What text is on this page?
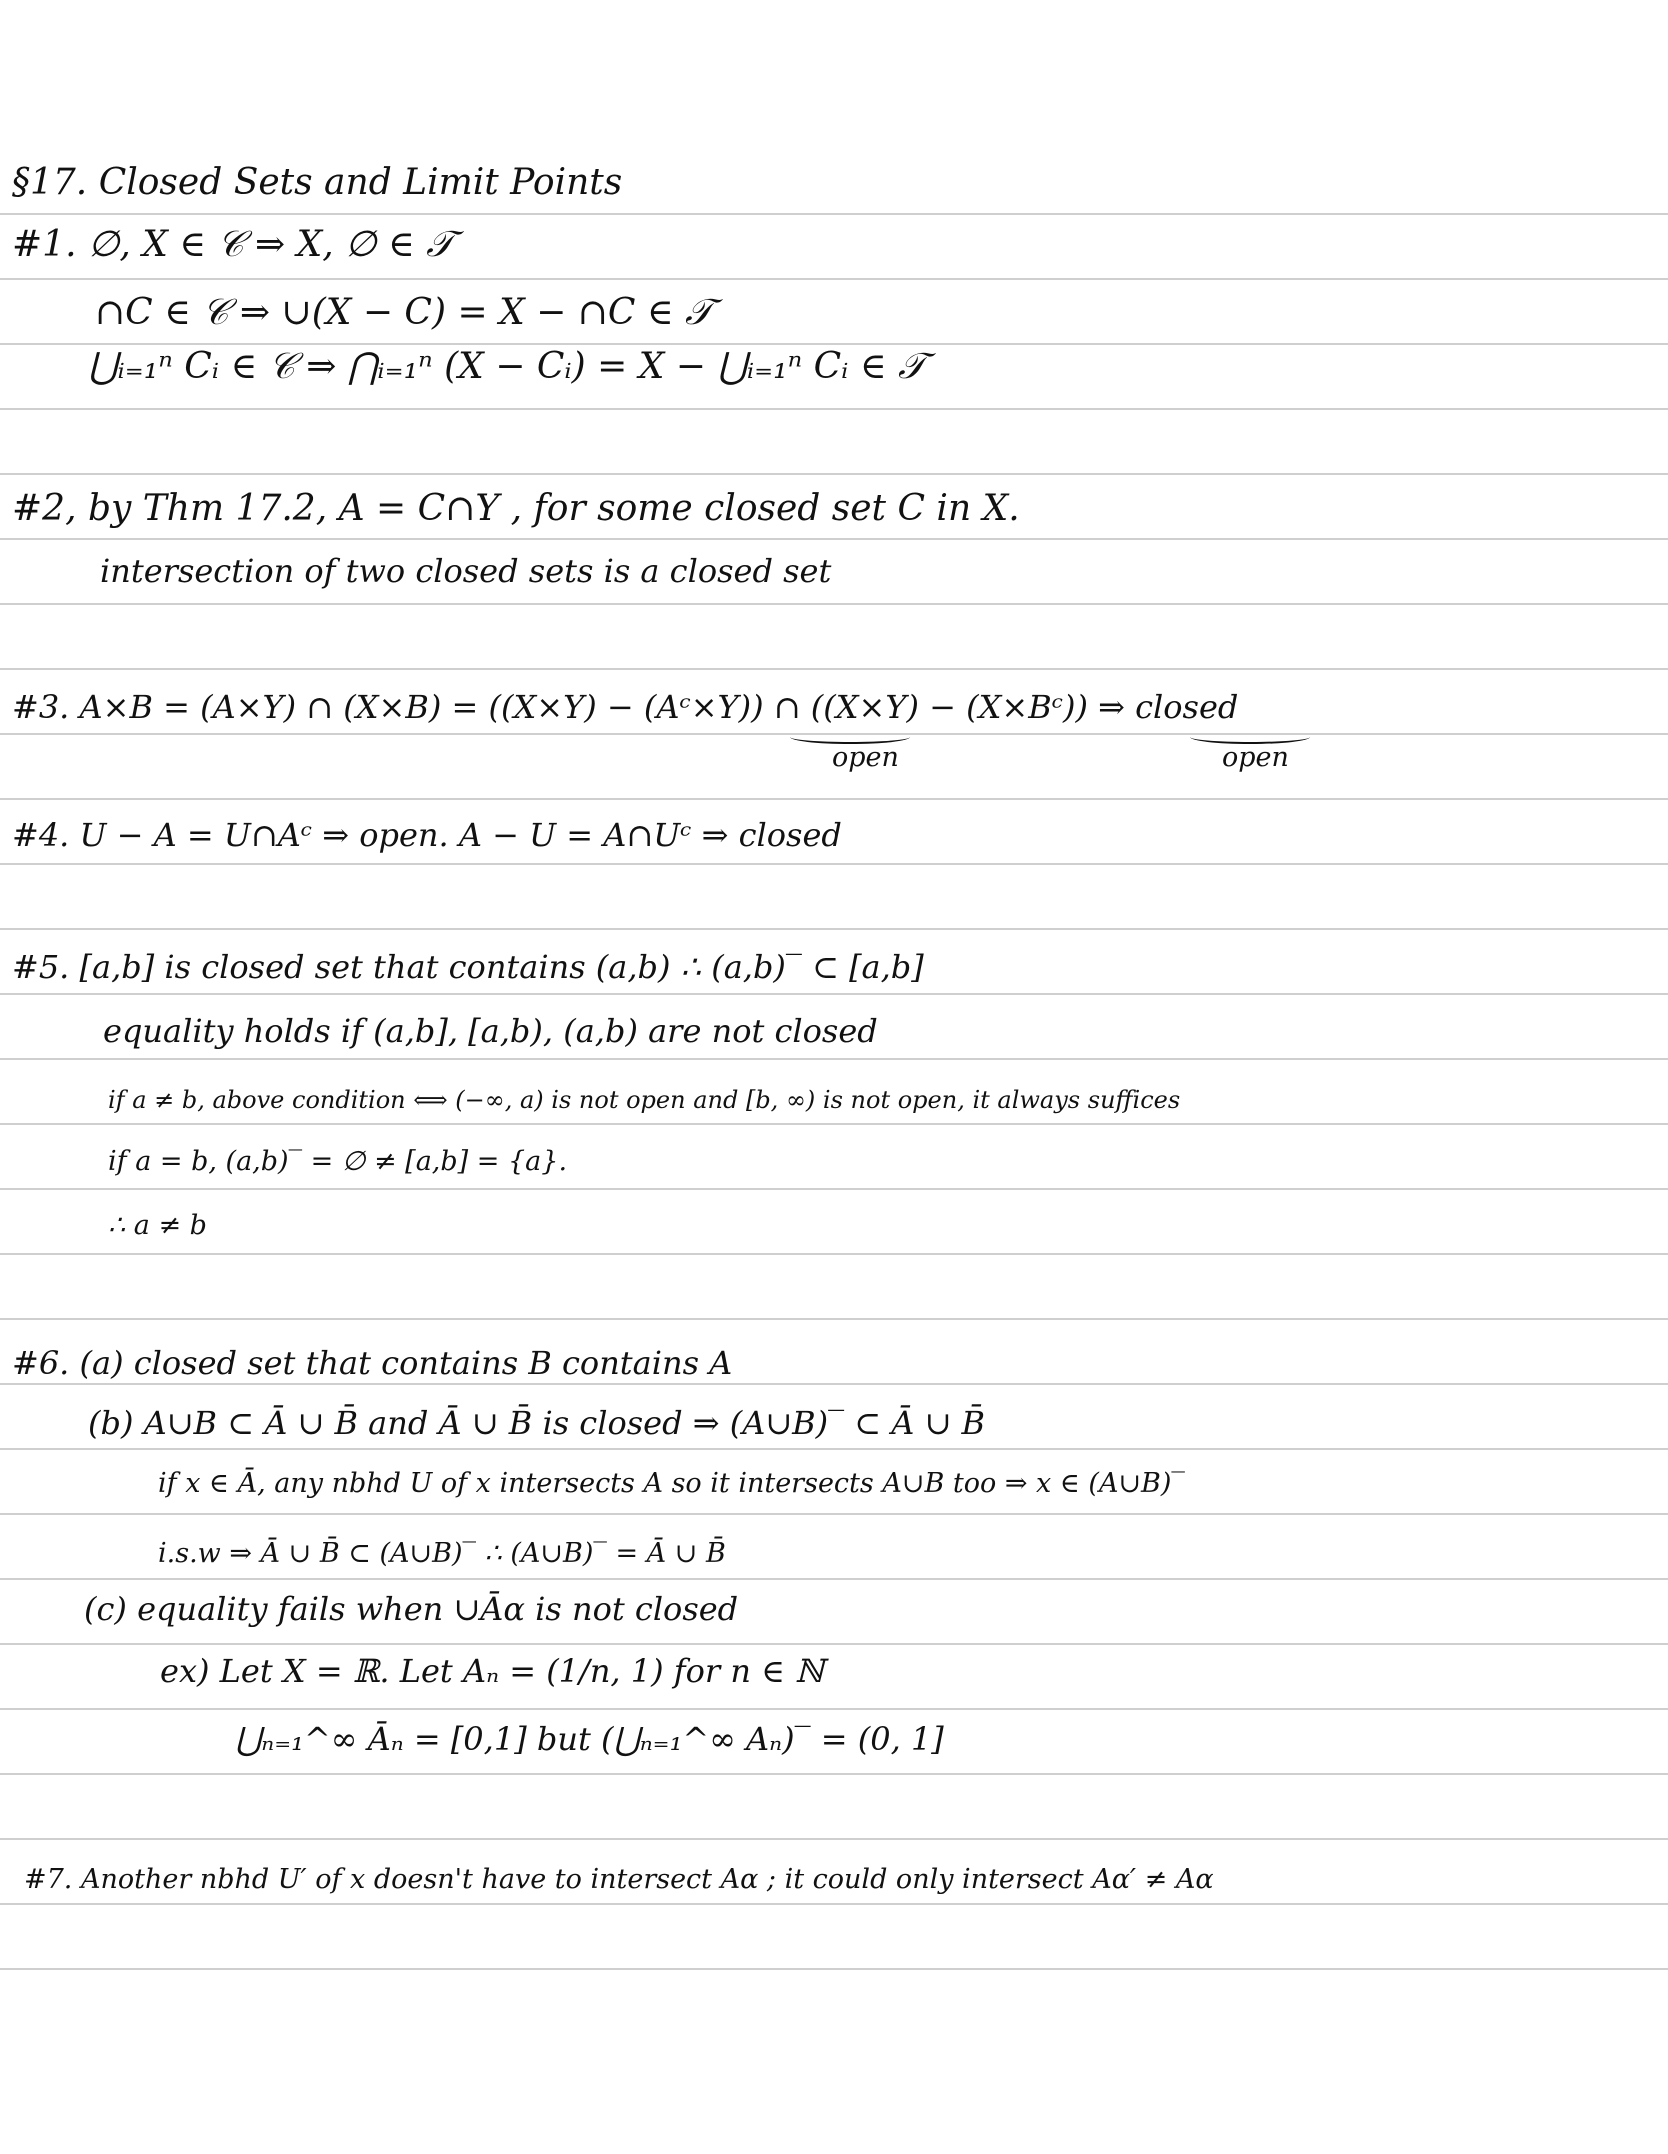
§17. Closed Sets and Limit Points
#1. ∅, X ∈ 𝒞 ⇒ X, ∅ ∈ 𝒯
∩C ∈ 𝒞 ⇒ ∪(X − C) = X − ∩C ∈ 𝒯
⋃ᵢ₌₁ⁿ Cᵢ ∈ 𝒞 ⇒ ⋂ᵢ₌₁ⁿ (X − Cᵢ) = X − ⋃ᵢ₌₁ⁿ Cᵢ ∈ 𝒯
#2, by Thm 17.2, A = C∩Y , for some closed set C in X.
intersection of two closed sets is a closed set
#3. A×B = (A×Y) ∩ (X×B) = ((X×Y) − (Aᶜ×Y)) ∩ ((X×Y) − (X×Bᶜ)) ⇒ closed
open	open
#4. U − A = U∩Aᶜ ⇒ open. A − U = A∩Uᶜ ⇒ closed
#5. [a,b] is closed set that contains (a,b) ∴ (a,b)‾ ⊂ [a,b]
equality holds if (a,b], [a,b), (a,b) are not closed
if a ≠ b, above condition ⟺ (−∞, a) is not open and [b, ∞) is not open, it always suffices
if a = b, (a,b)‾ = ∅ ≠ [a,b] = {a}.
∴ a ≠ b
#6. (a) closed set that contains B contains A
(b) A∪B ⊂ Ā ∪ B̄ and Ā ∪ B̄ is closed ⇒ (A∪B)‾ ⊂ Ā ∪ B̄
if x ∈ Ā, any nbhd U of x intersects A so it intersects A∪B too ⇒ x ∈ (A∪B)‾
i.s.w ⇒ Ā ∪ B̄ ⊂ (A∪B)‾ ∴ (A∪B)‾ = Ā ∪ B̄
(c) equality fails when ∪Āα is not closed
ex) Let X = ℝ. Let Aₙ = (1/n, 1) for n ∈ ℕ
⋃ₙ₌₁^∞ Āₙ = [0,1] but (⋃ₙ₌₁^∞ Aₙ)‾ = (0, 1]
#7. Another nbhd U′ of x doesn't have to intersect Aα ; it could only intersect Aα′ ≠ Aα
